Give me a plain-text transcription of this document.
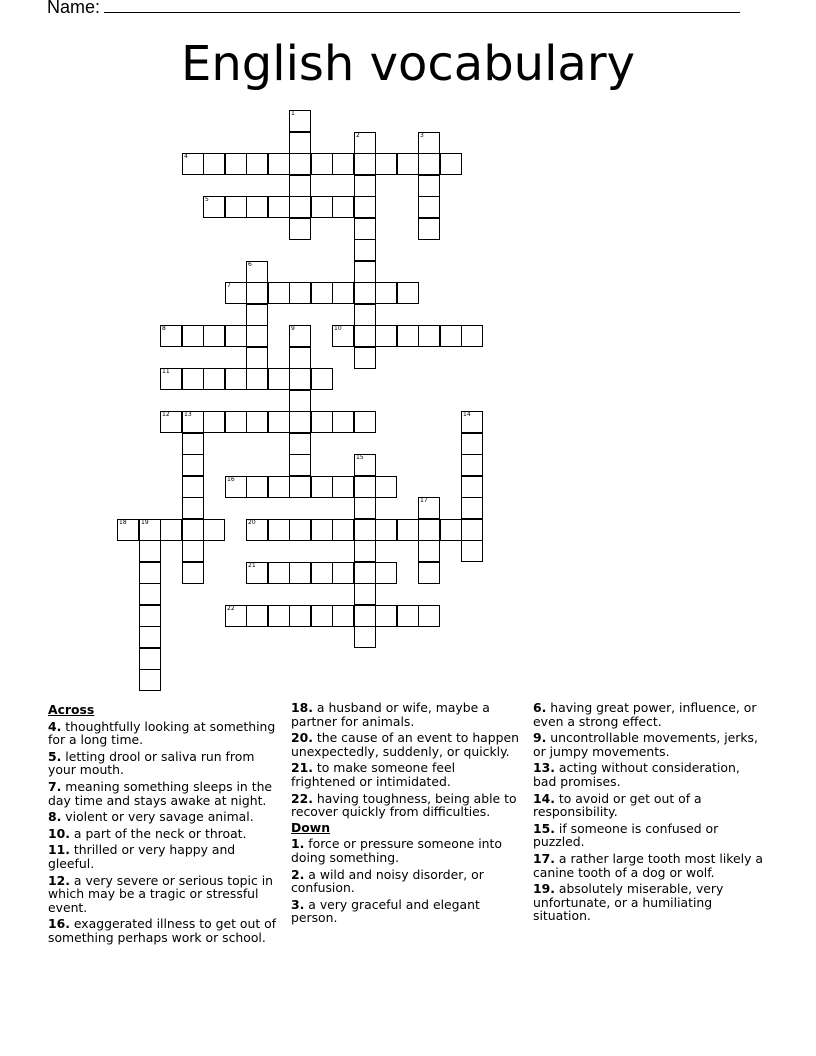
Name:
English vocabulary
4
5
7
8	10
11
12 13
16
18 19	20
21
22
1
2	3
6
9
14
15
17
Across
4. thoughtfully looking at something for a long time.
5. letting drool or saliva run from your mouth.
7. meaning something sleeps in the day time and stays awake at night.
8. violent or very savage animal.
10. a part of the neck or throat.
11. thrilled or very happy and gleeful.
12. a very severe or serious topic in which may be a tragic or stressful event.
16. exaggerated illness to get out of something perhaps work or school.
18. a husband or wife, maybe a partner for animals.
20. the cause of an event to happen unexpectedly, suddenly, or quickly.
21. to make someone feel frightened or intimidated.
22. having toughness, being able to recover quickly from difficulties.
Down
1. force or pressure someone into doing something.
2. a wild and noisy disorder, or confusion.
3. a very graceful and elegant person.
6. having great power, influence, or even a strong effect.
9. uncontrollable movements, jerks, or jumpy movements.
13. acting without consideration, bad promises.
14. to avoid or get out of a responsibility.
15. if someone is confused or puzzled.
17. a rather large tooth most likely a canine tooth of a dog or wolf.
19. absolutely miserable, very unfortunate, or a humiliating situation.
